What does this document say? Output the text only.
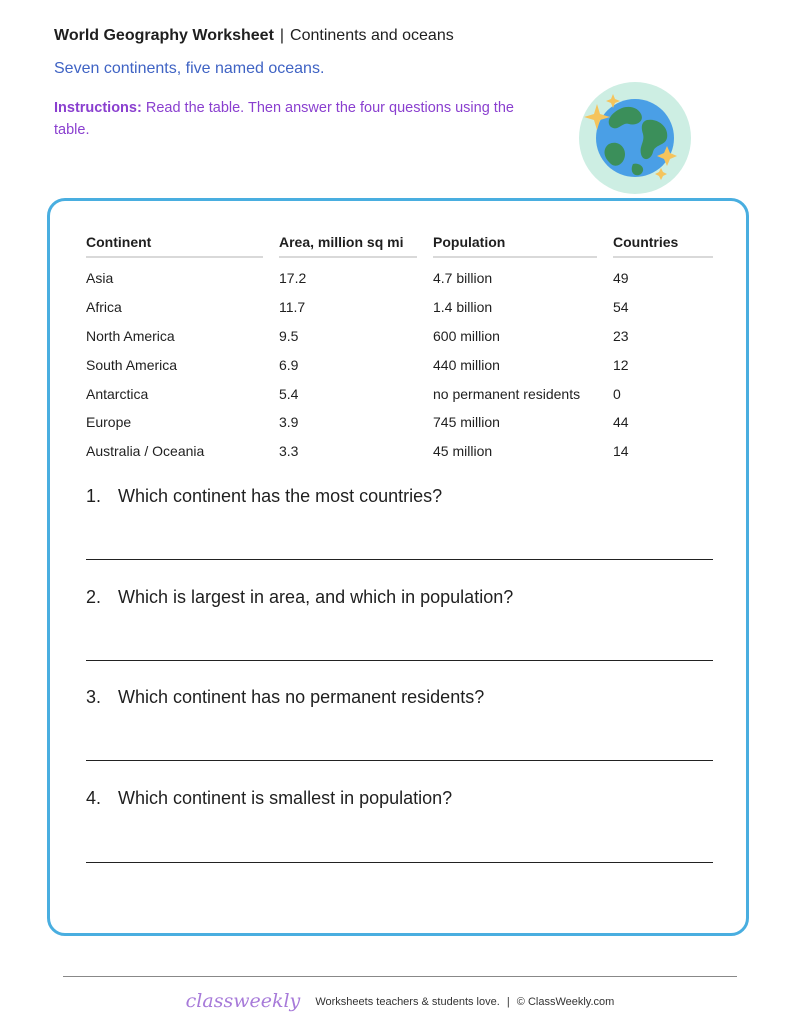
World Geography Worksheet | Continents and oceans
Seven continents, five named oceans.
Instructions: Read the table. Then answer the four questions using the table.
Continent	Area, million sq mi	Population	Countries

Asia	17.2	4.7 billion	49
Africa	11.7	1.4 billion	54
North America	9.5	600 million	23
South America	6.9	440 million	12
Antarctica	5.4	no permanent residents	0
Europe	3.9	745 million	44
Australia / Oceania	3.3	45 million	14
1. Which continent has the most countries?
2. Which is largest in area, and which in population?
3. Which continent has no permanent residents?
4. Which continent is smallest in population?
classweekly Worksheets teachers & students love. | © ClassWeekly.com
